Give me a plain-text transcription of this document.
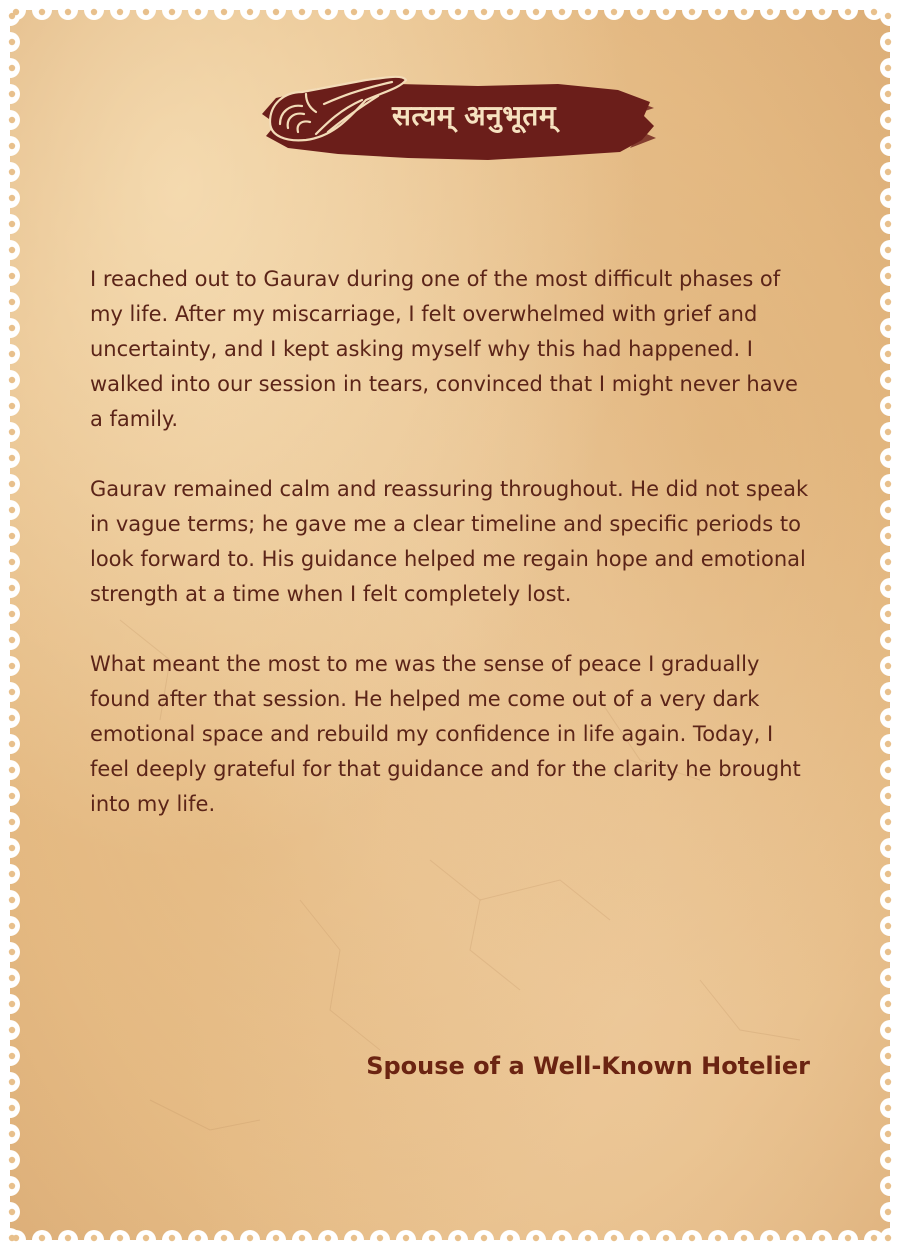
सत्यम् अनुभूतम्

I reached out to Gaurav during one of the most difficult phases of my life. After my miscarriage, I felt overwhelmed with grief and uncertainty, and I kept asking myself why this had happened. I walked into our session in tears, convinced that I might never have a family.

Gaurav remained calm and reassuring throughout. He did not speak in vague terms; he gave me a clear timeline and specific periods to look forward to. His guidance helped me regain hope and emotional strength at a time when I felt completely lost.

What meant the most to me was the sense of peace I gradually found after that session. He helped me come out of a very dark emotional space and rebuild my confidence in life again. Today, I feel deeply grateful for that guidance and for the clarity he brought into my life.

Spouse of a Well-Known Hotelier
